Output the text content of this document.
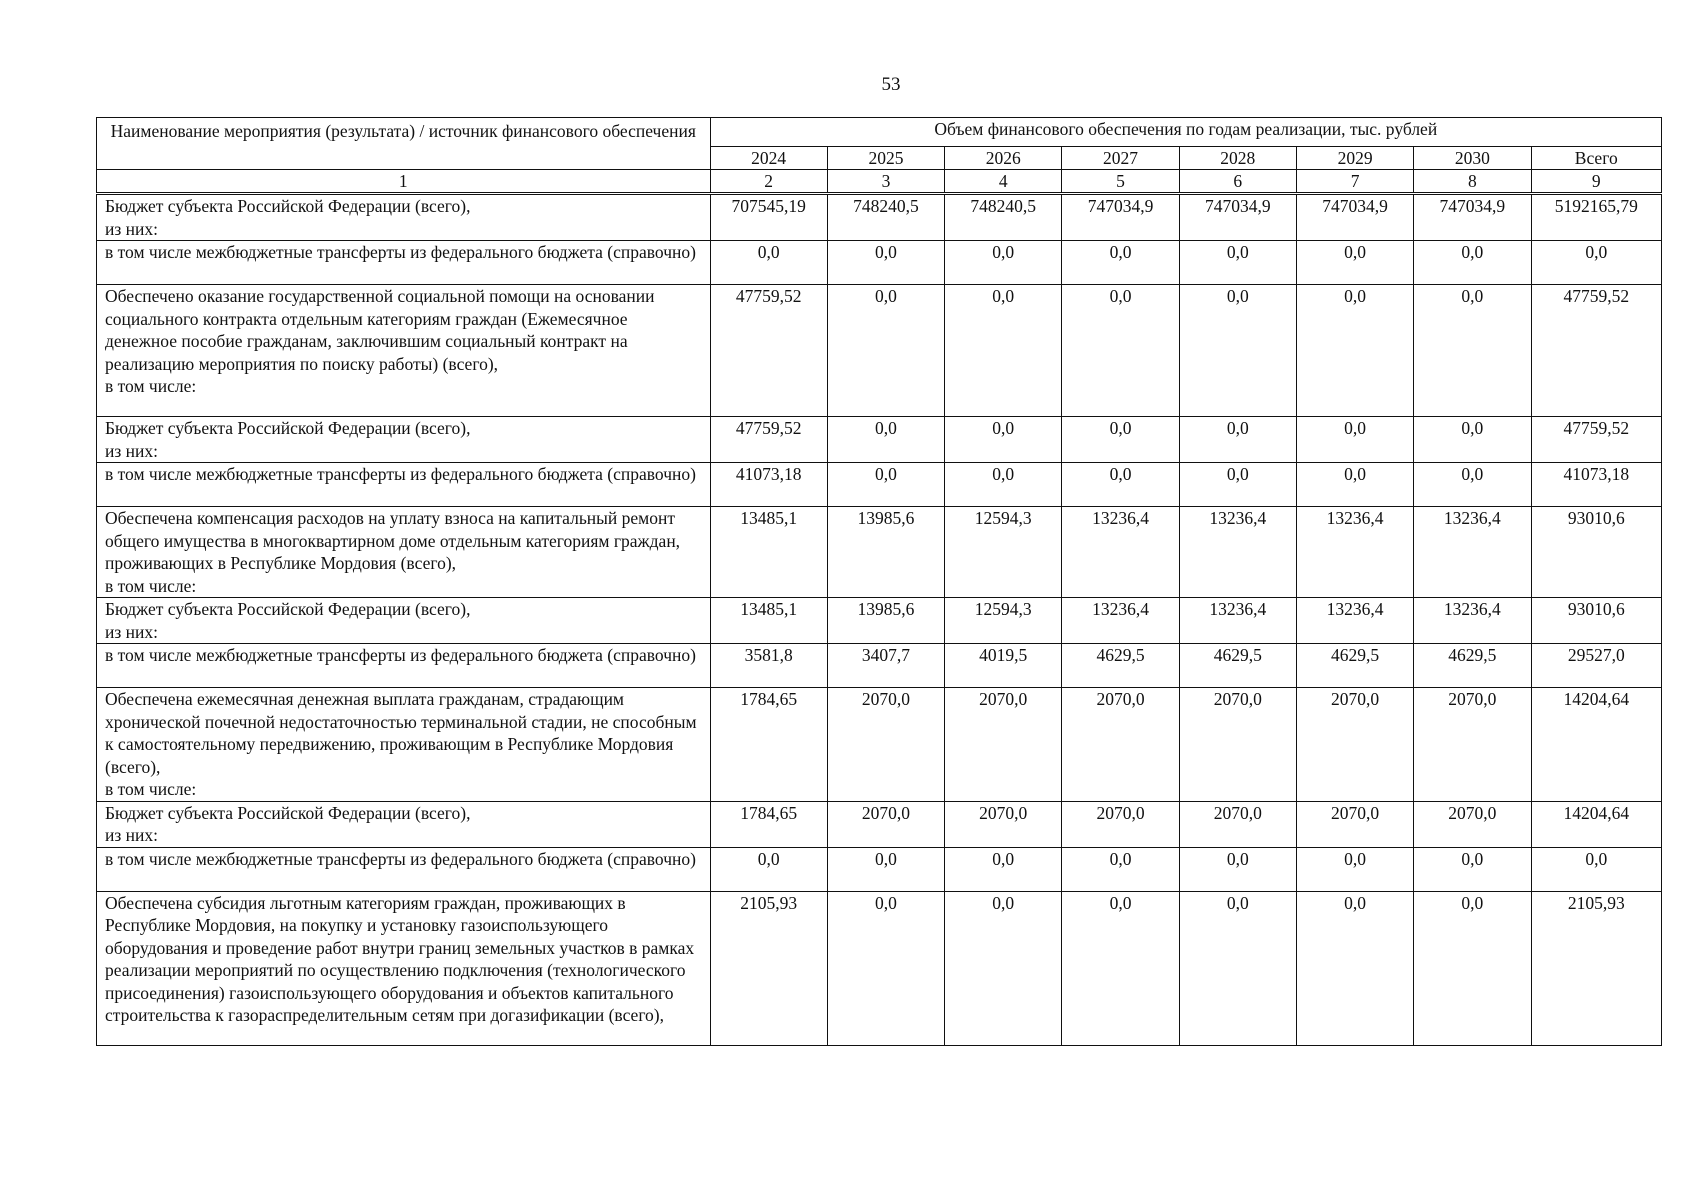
53
Наименование мероприятия (результата) / источник финансового обеспечения	Объем финансового обеспечения по годам реализации, тыс. рублей							
	2024	2025	2026	2027	2028	2029	2030	Всего
1	2	3	4	5	6	7	8	9
Бюджет субъекта Российской Федерации (всего),
из них:	707545,19	748240,5	748240,5	747034,9	747034,9	747034,9	747034,9	5192165,79
в том числе межбюджетные трансферты из федерального бюджета (справочно)	0,0	0,0	0,0	0,0	0,0	0,0	0,0	0,0
Обеспечено оказание государственной социальной помощи на основании социального контракта отдельным категориям граждан (Ежемесячное денежное пособие гражданам, заключившим социальный контракт на реализацию мероприятия по поиску работы) (всего),
в том числе:	47759,52	0,0	0,0	0,0	0,0	0,0	0,0	47759,52
Бюджет субъекта Российской Федерации (всего),
из них:	47759,52	0,0	0,0	0,0	0,0	0,0	0,0	47759,52
в том числе межбюджетные трансферты из федерального бюджета (справочно)	41073,18	0,0	0,0	0,0	0,0	0,0	0,0	41073,18
Обеспечена компенсация расходов на уплату взноса на капитальный ремонт общего имущества в многоквартирном доме отдельным категориям граждан, проживающих в Республике Мордовия (всего),
в том числе:	13485,1	13985,6	12594,3	13236,4	13236,4	13236,4	13236,4	93010,6
Бюджет субъекта Российской Федерации (всего),
из них:	13485,1	13985,6	12594,3	13236,4	13236,4	13236,4	13236,4	93010,6
в том числе межбюджетные трансферты из федерального бюджета (справочно)	3581,8	3407,7	4019,5	4629,5	4629,5	4629,5	4629,5	29527,0
Обеспечена ежемесячная денежная выплата гражданам, страдающим хронической почечной недостаточностью терминальной стадии, не способным к самостоятельному передвижению, проживающим в Республике Мордовия (всего),
в том числе:	1784,65	2070,0	2070,0	2070,0	2070,0	2070,0	2070,0	14204,64
Бюджет субъекта Российской Федерации (всего),
из них:	1784,65	2070,0	2070,0	2070,0	2070,0	2070,0	2070,0	14204,64
в том числе межбюджетные трансферты из федерального бюджета (справочно)	0,0	0,0	0,0	0,0	0,0	0,0	0,0	0,0
Обеспечена субсидия льготным категориям граждан, проживающих в Республике Мордовия, на покупку и установку газоиспользующего оборудования и проведение работ внутри границ земельных участков в рамках реализации мероприятий по осуществлению подключения (технологического присоединения) газоиспользующего оборудования и объектов капитального строительства к газораспределительным сетям при догазификации (всего),	2105,93	0,0	0,0	0,0	0,0	0,0	0,0	2105,93
